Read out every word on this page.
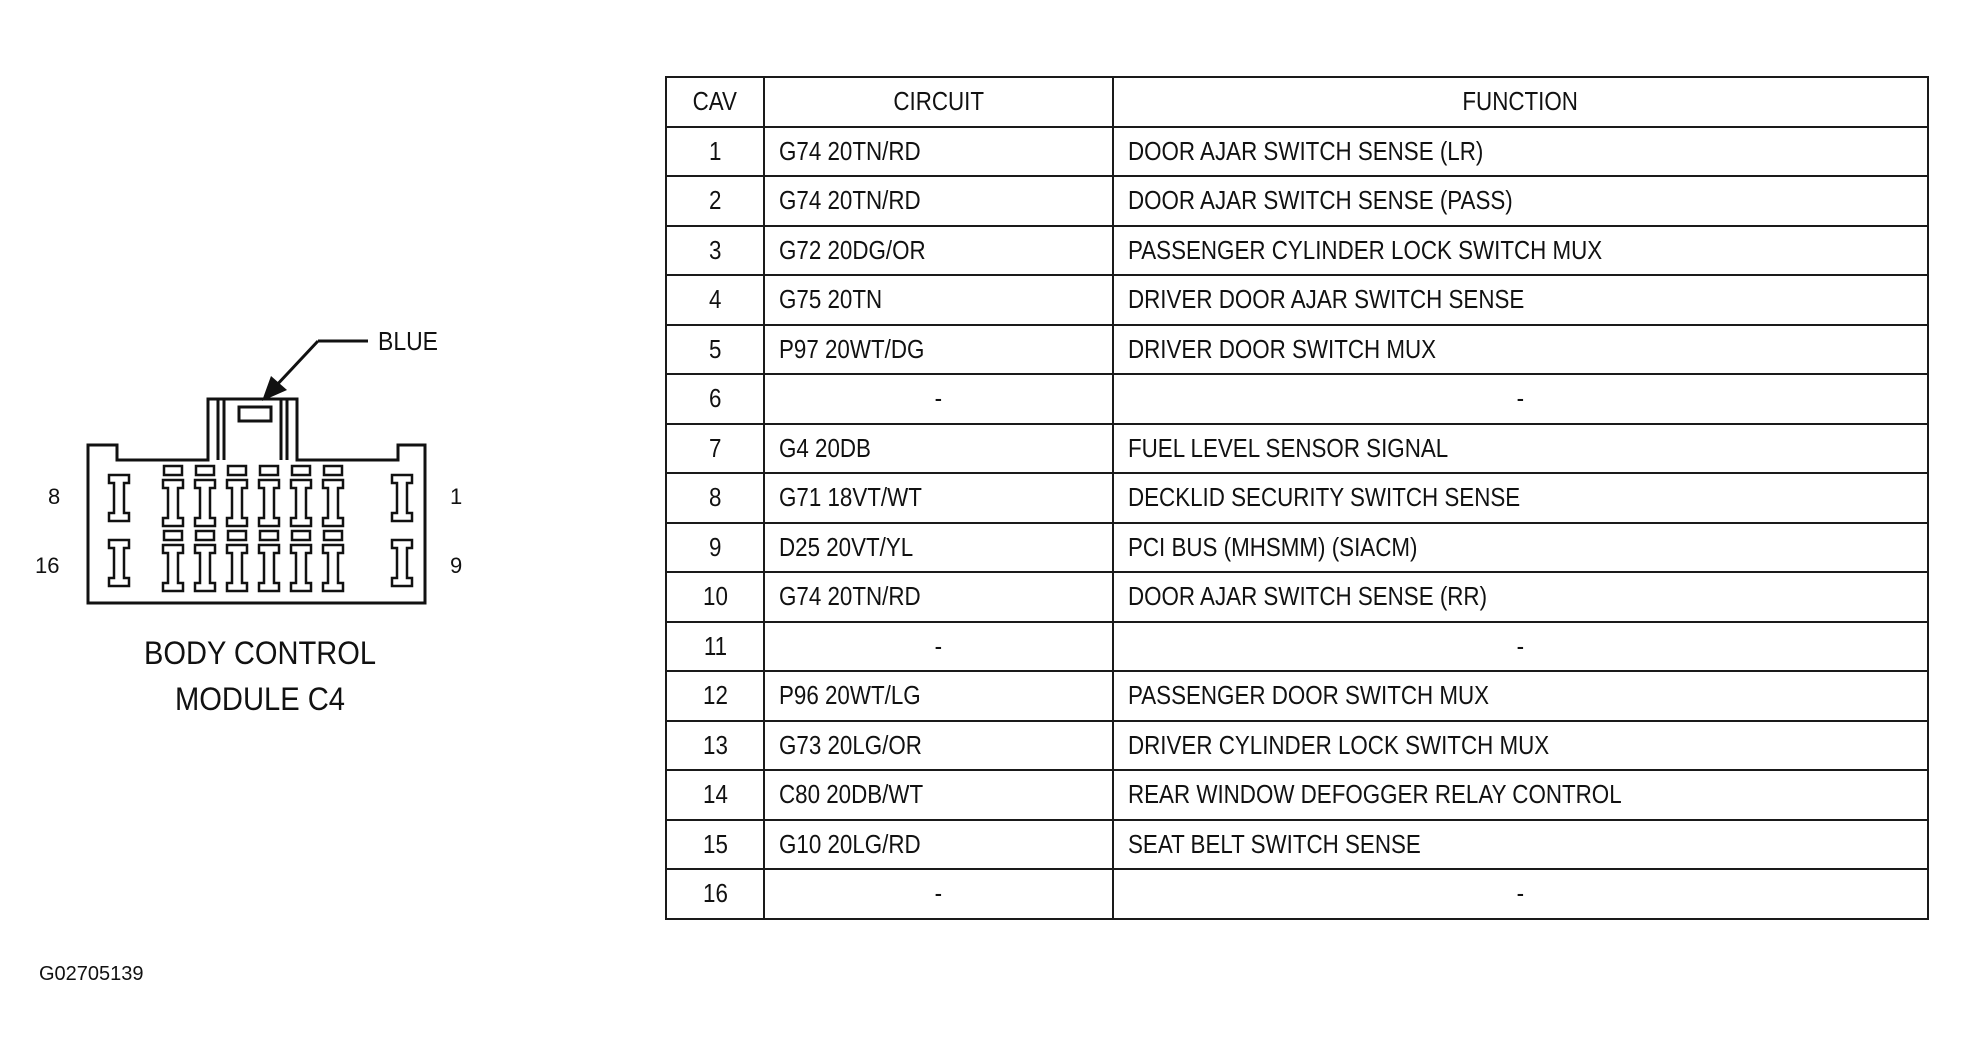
BLUE
8	1
16	9
BODY CONTROL
MODULE C4
CAV	CIRCUIT	FUNCTION
1	G74 20TN/RD	DOOR AJAR SWITCH SENSE (LR)
2	G74 20TN/RD	DOOR AJAR SWITCH SENSE (PASS)
3	G72 20DG/OR	PASSENGER CYLINDER LOCK SWITCH MUX
4	G75 20TN	DRIVER DOOR AJAR SWITCH SENSE
5	P97 20WT/DG	DRIVER DOOR SWITCH MUX
6	-	-
7	G4 20DB	FUEL LEVEL SENSOR SIGNAL
8	G71 18VT/WT	DECKLID SECURITY SWITCH SENSE
9	D25 20VT/YL	PCI BUS (MHSMM) (SIACM)
10	G74 20TN/RD	DOOR AJAR SWITCH SENSE (RR)
11	-	-
12	P96 20WT/LG	PASSENGER DOOR SWITCH MUX
13	G73 20LG/OR	DRIVER CYLINDER LOCK SWITCH MUX
14	C80 20DB/WT	REAR WINDOW DEFOGGER RELAY CONTROL
15	G10 20LG/RD	SEAT BELT SWITCH SENSE
16	-	-
G02705139
